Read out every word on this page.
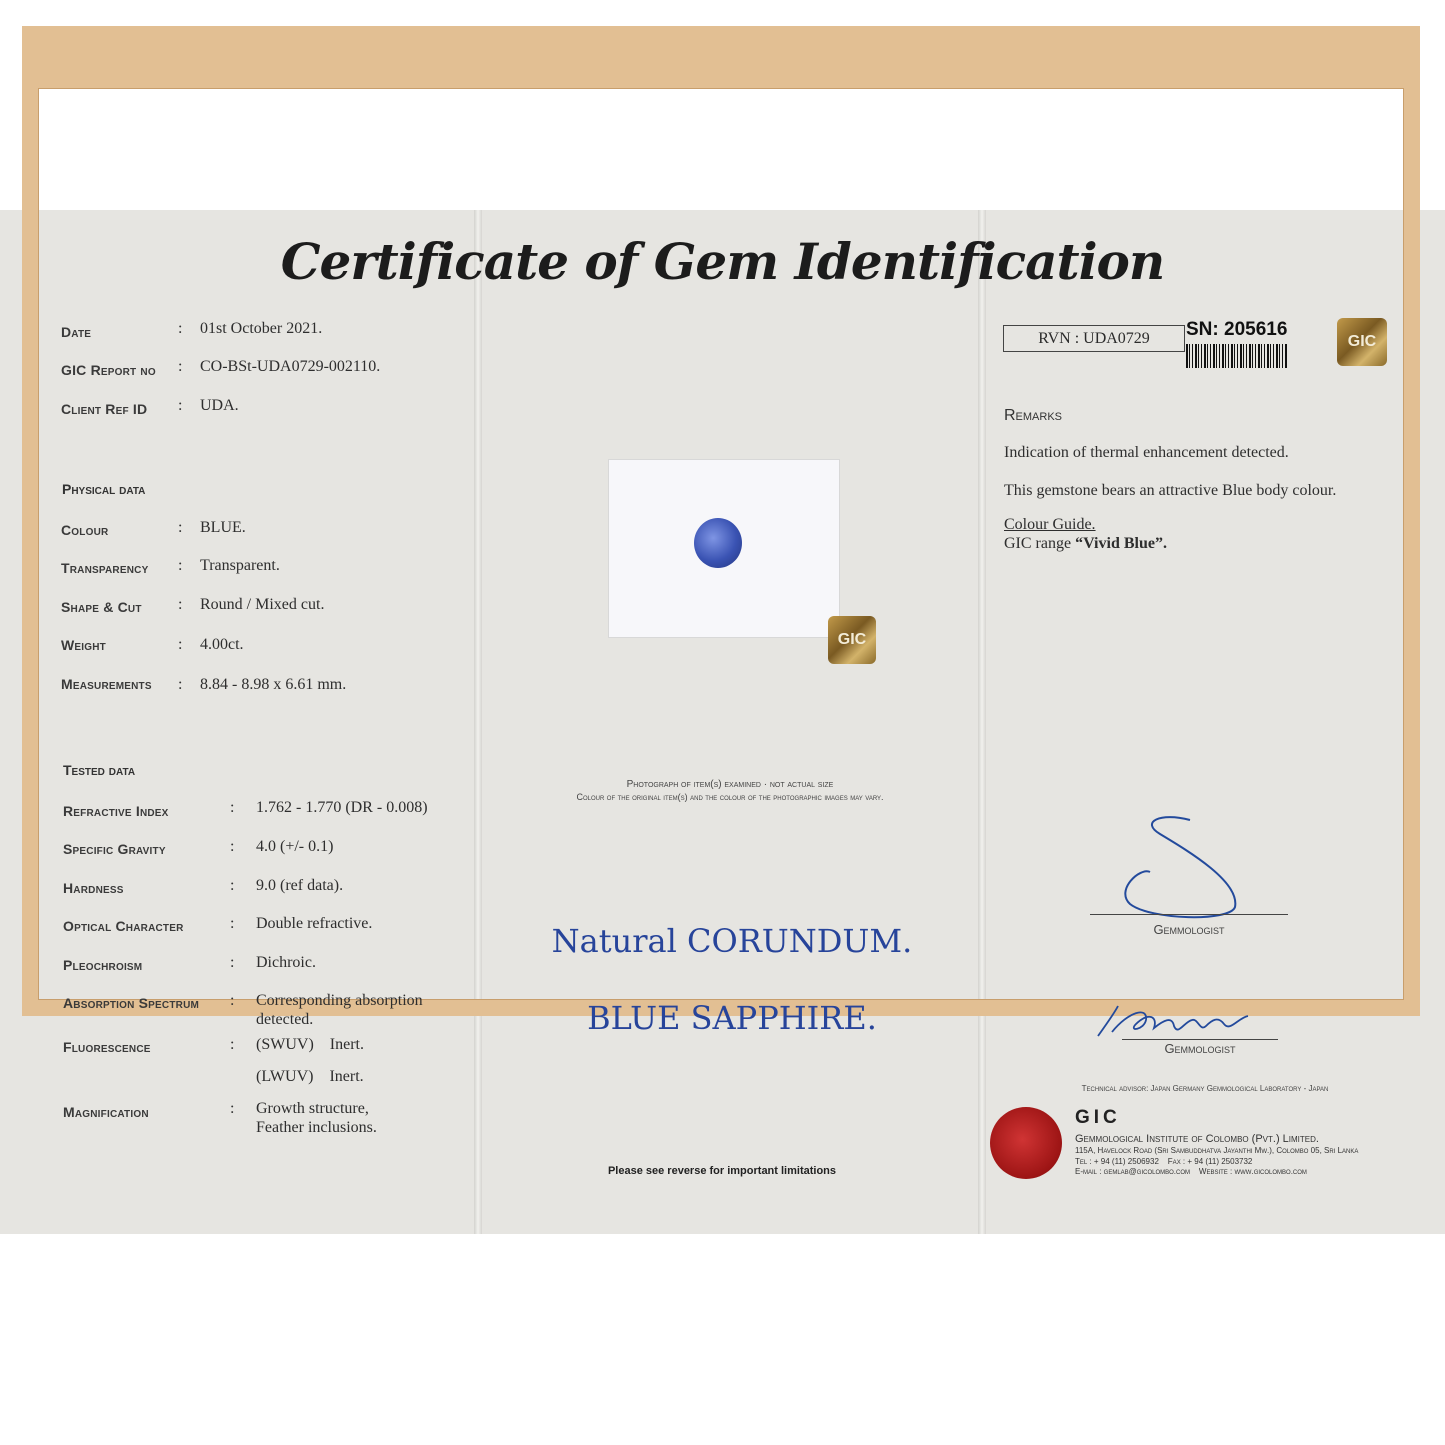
Certificate of Gem Identification
Date	: 01st October 2021.
GIC Report no : CO-BSt-UDA0729-002110.
Client Ref ID : UDA.
Physical data
Colour	: BLUE.
Transparency : Transparent.
Shape & Cut : Round / Mixed cut.
Weight	: 4.00ct.
Measurements : 8.84 - 8.98 x 6.61 mm.
Tested data
Refractive Index	: 1.762 - 1.770 (DR - 0.008)
Specific Gravity	: 4.0 (+/- 0.1)
Hardness	: 9.0 (ref data).
Optical Character	: Double refractive.
Pleochroism	: Dichroic.
Absorption Spectrum : Corresponding absorption
detected.
Fluorescence	: (SWUV)    Inert.
(LWUV)    Inert.
Magnification	: Growth structure,
Feather inclusions.
GIC
Photograph of item(s) examined · not actual size
Colour of the original item(s) and the colour of the photographic images may vary.
Natural CORUNDUM.
BLUE SAPPHIRE.
Please see reverse for important limitations
RVN : UDA0729	SN: 205616
GIC
Remarks
Indication of thermal enhancement detected.
This gemstone bears an attractive Blue body colour.
Colour Guide.
GIC range “Vivid Blue”.
Gemmologist
Gemmologist
Technical advisor: Japan Germany Gemmological Laboratory - Japan
GIC
Gemmological Institute of Colombo (Pvt.) Limited.
115A, Havelock Road (Sri Sambuddhatva Jayanthi Mw.), Colombo 05, Sri Lanka
Tel : + 94 (11) 2506932    Fax : + 94 (11) 2503732
E-mail : gemlab@gicolombo.com    Website : www.gicolombo.com
